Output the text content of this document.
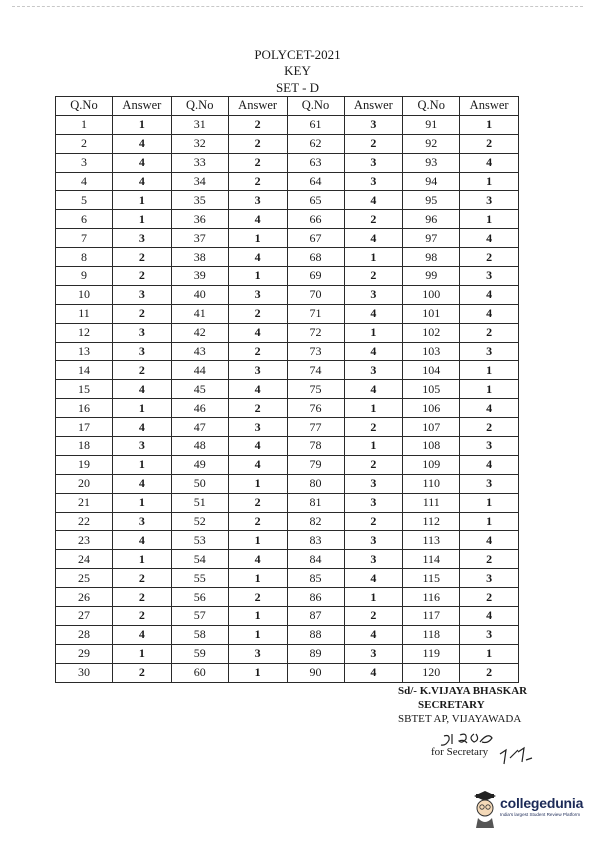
POLYCET-2021
KEY
SET - D
Q.No	Answer	Q.No	Answer	Q.No	Answer	Q.No	Answer
1	1	31	2	61	3	91	1
2	4	32	2	62	2	92	2
3	4	33	2	63	3	93	4
4	4	34	2	64	3	94	1
5	1	35	3	65	4	95	3
6	1	36	4	66	2	96	1
7	3	37	1	67	4	97	4
8	2	38	4	68	1	98	2
9	2	39	1	69	2	99	3
10	3	40	3	70	3	100	4
11	2	41	2	71	4	101	4
12	3	42	4	72	1	102	2
13	3	43	2	73	4	103	3
14	2	44	3	74	3	104	1
15	4	45	4	75	4	105	1
16	1	46	2	76	1	106	4
17	4	47	3	77	2	107	2
18	3	48	4	78	1	108	3
19	1	49	4	79	2	109	4
20	4	50	1	80	3	110	3
21	1	51	2	81	3	111	1
22	3	52	2	82	2	112	1
23	4	53	1	83	3	113	4
24	1	54	4	84	3	114	2
25	2	55	1	85	4	115	3
26	2	56	2	86	1	116	2
27	2	57	1	87	2	117	4
28	4	58	1	88	4	118	3
29	1	59	3	89	3	119	1
30	2	60	1	90	4	120	2
Sd/- K.VIJAYA BHASKAR
SECRETARY
SBTET AP, VIJAYAWADA
for Secretary
collegedunia
India's largest Student Review Platform
